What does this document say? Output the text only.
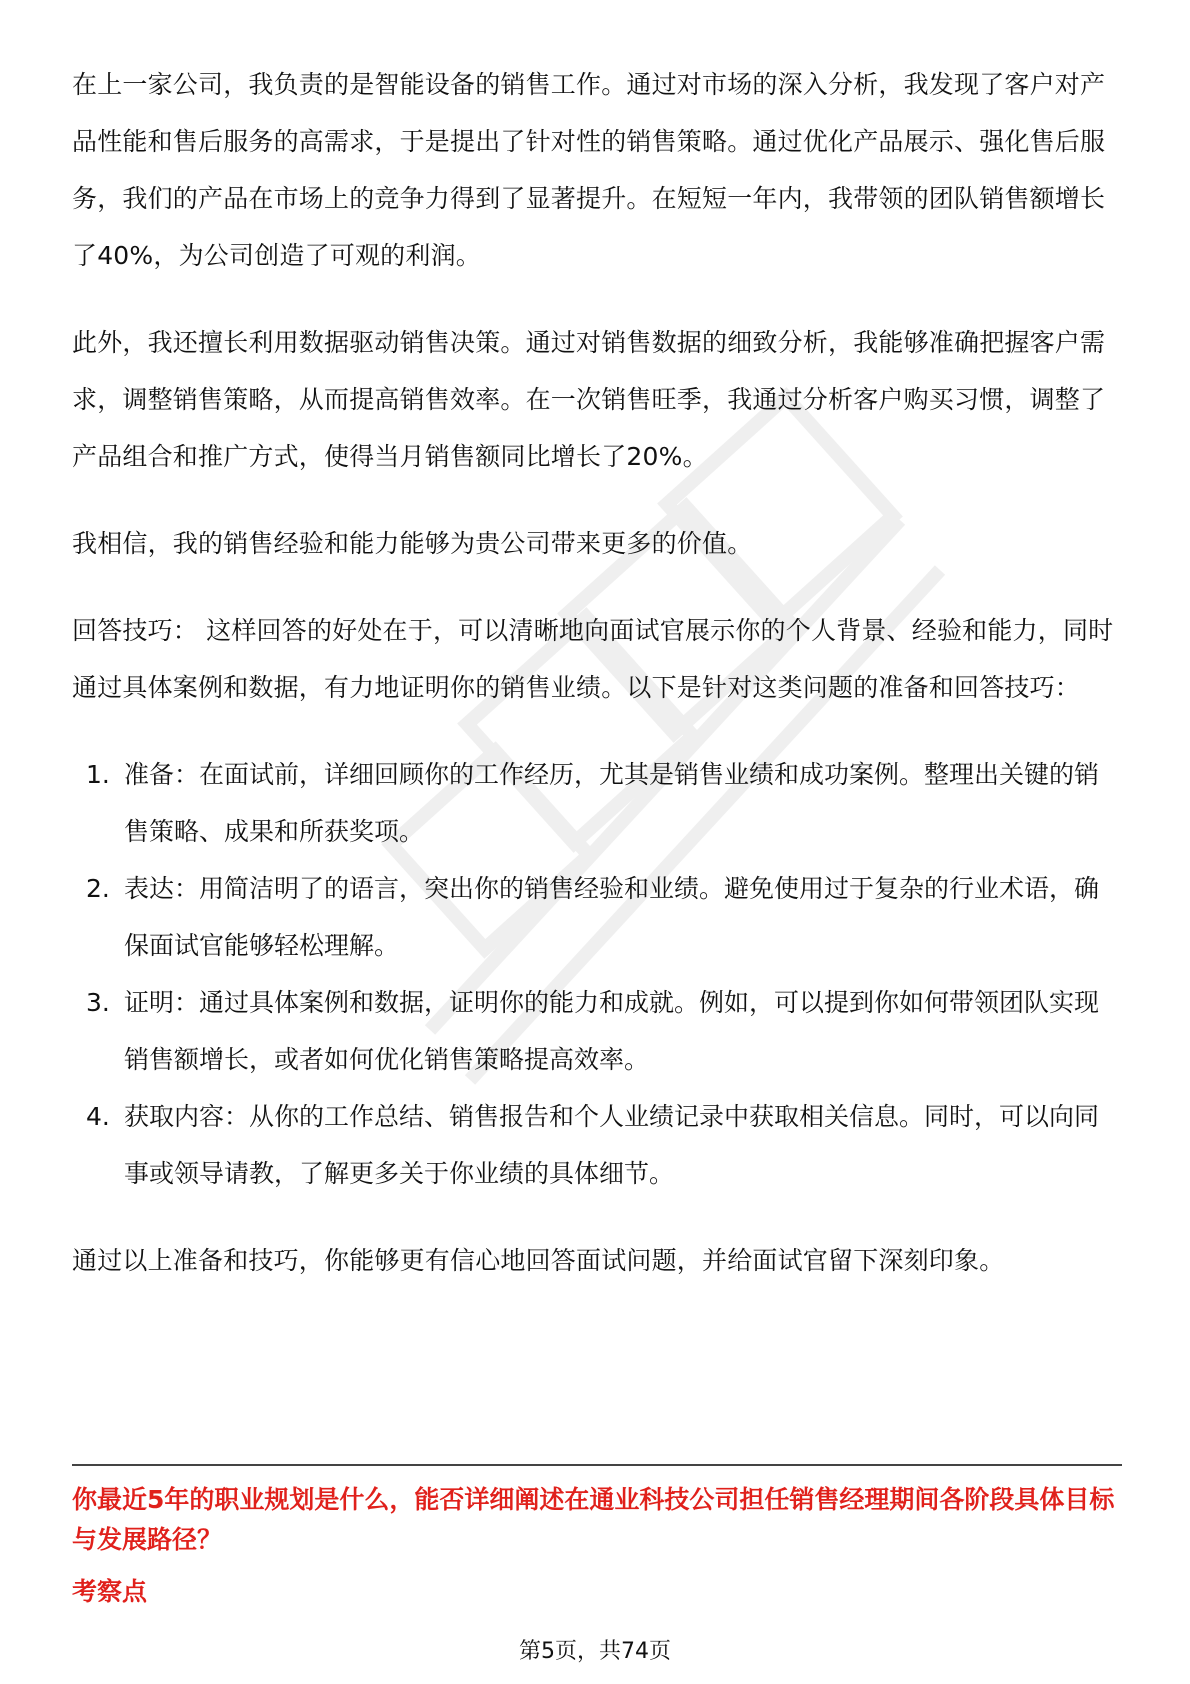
在上一家公司，我负责的是智能设备的销售工作。通过对市场的深入分析，我发现了客户对产品性能和售后服务的高需求，于是提出了针对性的销售策略。通过优化产品展示、强化售后服务，我们的产品在市场上的竞争力得到了显著提升。在短短一年内，我带领的团队销售额增长了40%，为公司创造了可观的利润。

此外，我还擅长利用数据驱动销售决策。通过对销售数据的细致分析，我能够准确把握客户需求，调整销售策略，从而提高销售效率。在一次销售旺季，我通过分析客户购买习惯，调整了产品组合和推广方式，使得当月销售额同比增长了20%。

我相信，我的销售经验和能力能够为贵公司带来更多的价值。

回答技巧： 这样回答的好处在于，可以清晰地向面试官展示你的个人背景、经验和能力，同时通过具体案例和数据，有力地证明你的销售业绩。以下是针对这类问题的准备和回答技巧：

1. 准备：在面试前，详细回顾你的工作经历，尤其是销售业绩和成功案例。整理出关键的销售策略、成果和所获奖项。
2. 表达：用简洁明了的语言，突出你的销售经验和业绩。避免使用过于复杂的行业术语，确保面试官能够轻松理解。
3. 证明：通过具体案例和数据，证明你的能力和成就。例如，可以提到你如何带领团队实现销售额增长，或者如何优化销售策略提高效率。
4. 获取内容：从你的工作总结、销售报告和个人业绩记录中获取相关信息。同时，可以向同事或领导请教，了解更多关于你业绩的具体细节。

通过以上准备和技巧，你能够更有信心地回答面试问题，并给面试官留下深刻印象。

你最近5年的职业规划是什么，能否详细阐述在通业科技公司担任销售经理期间各阶段具体目标与发展路径？
考察点
第5页，共74页
